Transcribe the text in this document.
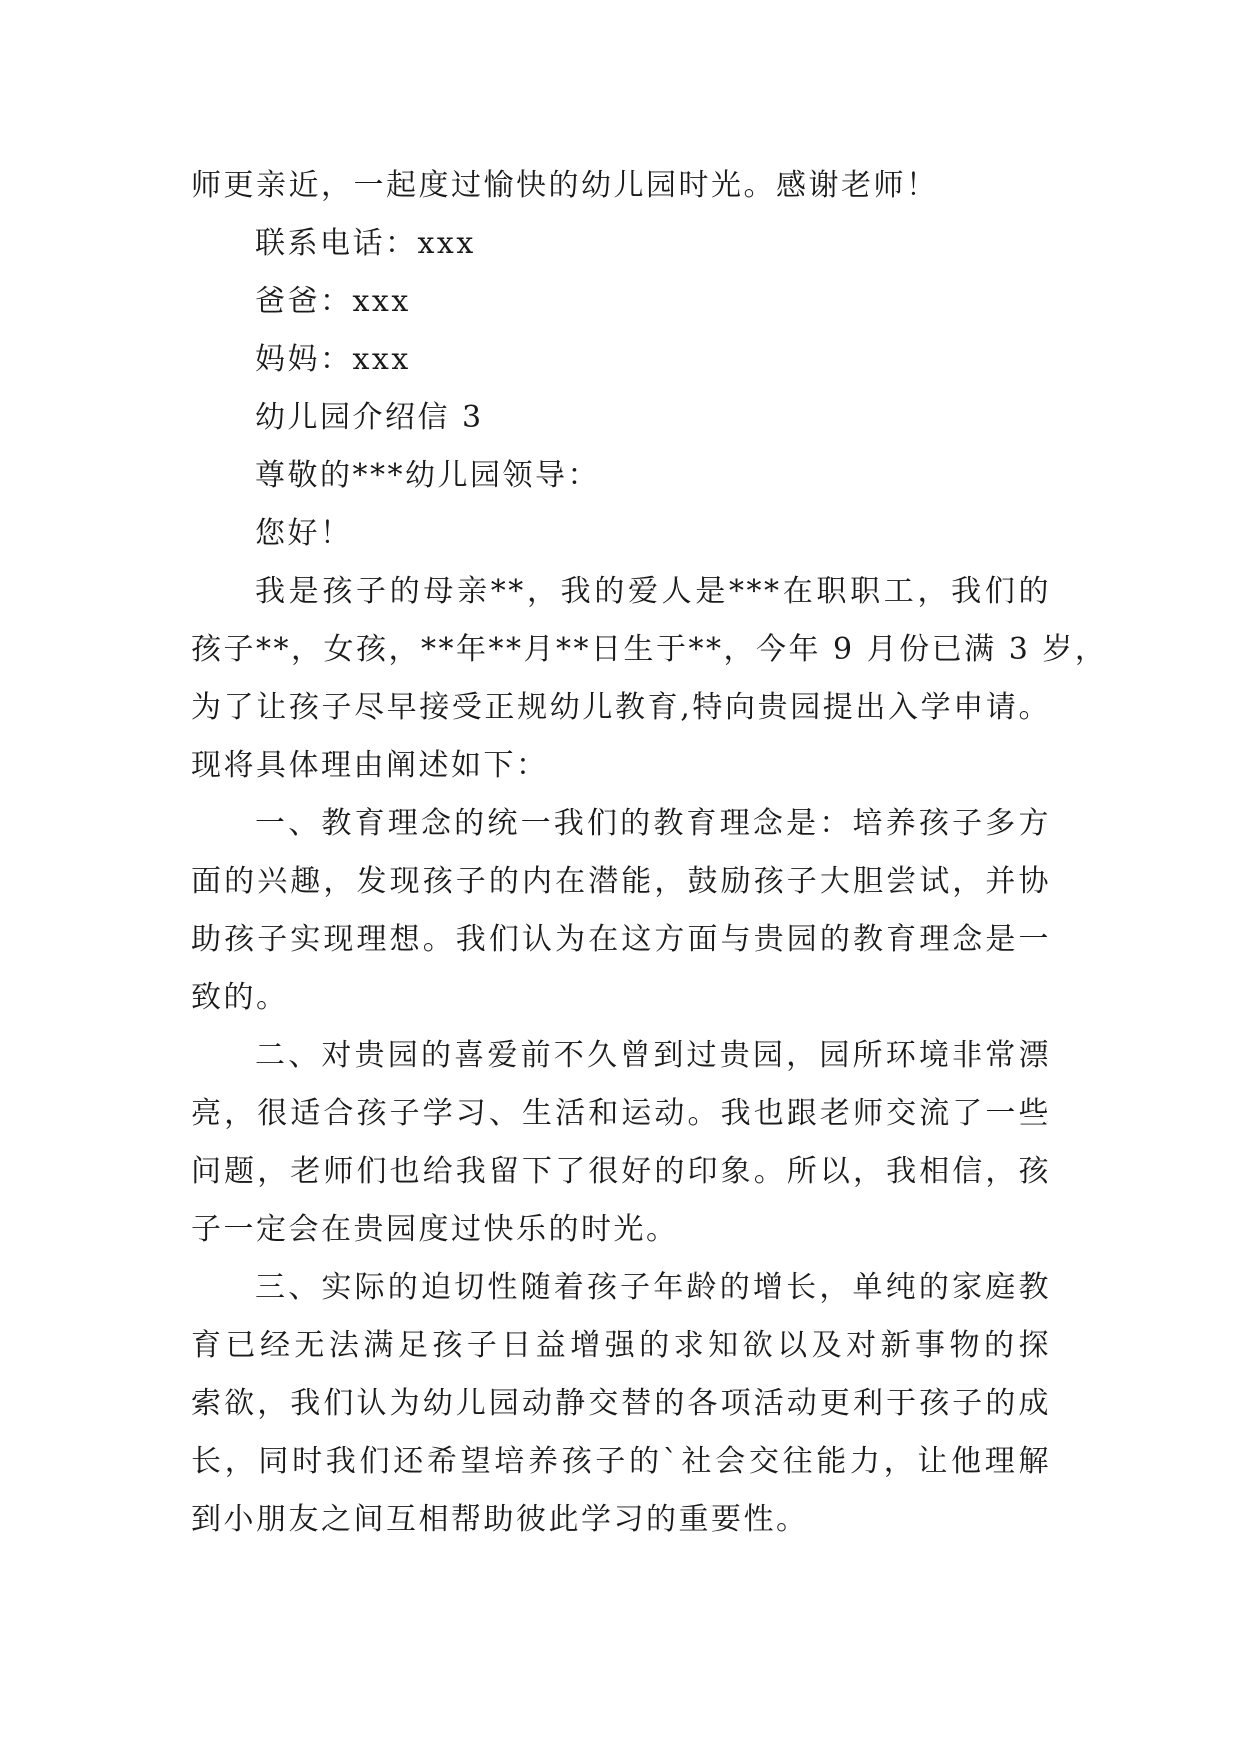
师更亲近，一起度过愉快的幼儿园时光。感谢老师！
联系电话：xxx
爸爸：xxx
妈妈：xxx
幼儿园介绍信 3
尊敬的***幼儿园领导：
您好！
我是孩子的母亲**，我的爱人是***在职职工，我们的
孩子**，女孩，**年**月**日生于**，今年 9 月份已满 3 岁，
为了让孩子尽早接受正规幼儿教育,特向贵园提出入学申请。
现将具体理由阐述如下：
一、教育理念的统一我们的教育理念是：培养孩子多方
面的兴趣，发现孩子的内在潜能，鼓励孩子大胆尝试，并协
助孩子实现理想。我们认为在这方面与贵园的教育理念是一
致的。
二、对贵园的喜爱前不久曾到过贵园，园所环境非常漂
亮，很适合孩子学习、生活和运动。我也跟老师交流了一些
问题，老师们也给我留下了很好的印象。所以，我相信，孩
子一定会在贵园度过快乐的时光。
三、实际的迫切性随着孩子年龄的增长，单纯的家庭教
育已经无法满足孩子日益增强的求知欲以及对新事物的探
索欲，我们认为幼儿园动静交替的各项活动更利于孩子的成
长，同时我们还希望培养孩子的`社会交往能力，让他理解
到小朋友之间互相帮助彼此学习的重要性。
